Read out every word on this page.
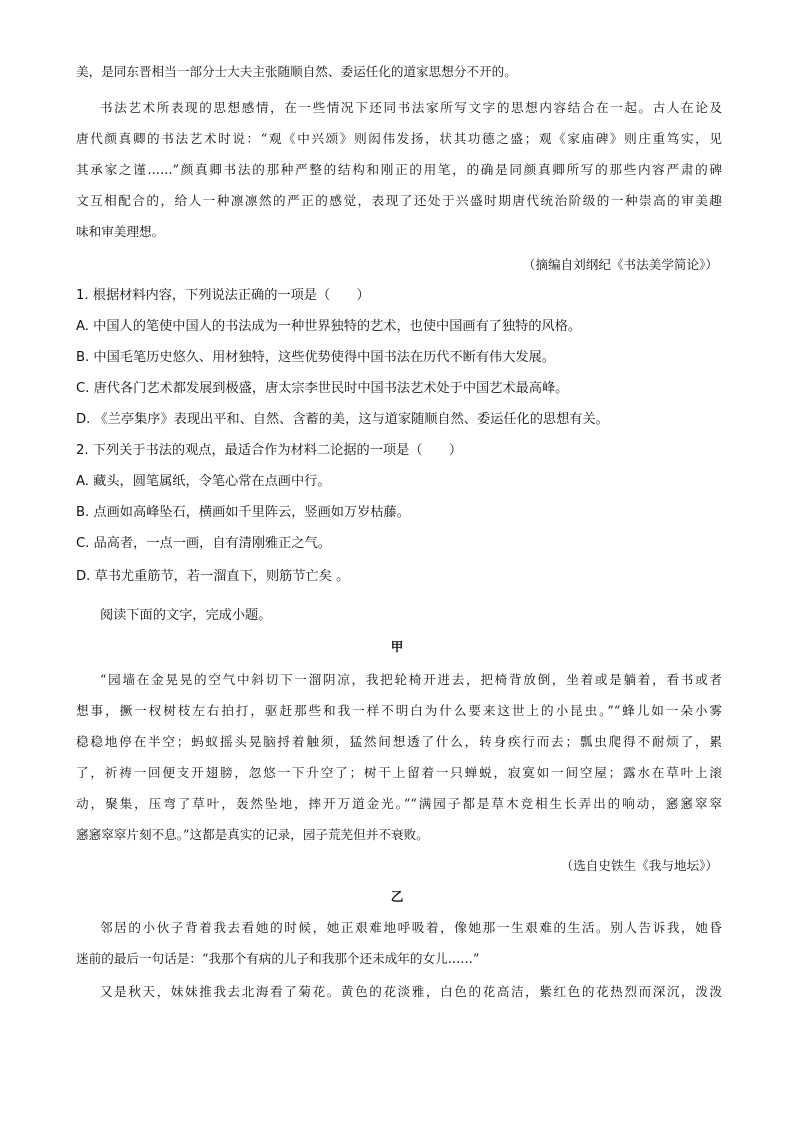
美，是同东晋相当一部分士大夫主张随顺自然、委运任化的道家思想分不开的。
书法艺术所表现的思想感情，在一些情况下还同书法家所写文字的思想内容结合在一起。古人在论及
唐代颜真卿的书法艺术时说：“观《中兴颂》则闳伟发扬，状其功德之盛；观《家庙碑》则庄重笃实，见
其承家之谨……”颜真卿书法的那种严整的结构和刚正的用笔，的确是同颜真卿所写的那些内容严肃的碑
文互相配合的，给人一种凛凛然的严正的感觉，表现了还处于兴盛时期唐代统治阶级的一种崇高的审美趣
味和审美理想。
（摘编自刘纲纪《书法美学简论》）
1. 根据材料内容，下列说法正确的一项是（　　）
A. 中国人的笔使中国人的书法成为一种世界独特的艺术，也使中国画有了独特的风格。
B. 中国毛笔历史悠久、用材独特，这些优势使得中国书法在历代不断有伟大发展。
C. 唐代各门艺术都发展到极盛，唐太宗李世民时中国书法艺术处于中国艺术最高峰。
D. 《兰亭集序》表现出平和、自然、含蓄的美，这与道家随顺自然、委运任化的思想有关。
2. 下列关于书法的观点，最适合作为材料二论据的一项是（　　）
A. 藏头，圆笔属纸，令笔心常在点画中行。
B. 点画如高峰坠石，横画如千里阵云，竖画如万岁枯藤。
C. 品高者，一点一画，自有清刚雅正之气。
D. 草书尤重筋节，若一溜直下，则筋节亡矣 。
阅读下面的文字，完成小题。
甲
“园墙在金晃晃的空气中斜切下一溜阴凉，我把轮椅开进去，把椅背放倒，坐着或是躺着，看书或者
想事，撅一杈树枝左右拍打，驱赶那些和我一样不明白为什么要来这世上的小昆虫。”“蜂儿如一朵小雾
稳稳地停在半空；蚂蚁摇头晃脑捋着触须，猛然间想透了什么，转身疾行而去；瓢虫爬得不耐烦了，累
了，祈祷一回便支开翅膀，忽悠一下升空了；树干上留着一只蝉蜕，寂寞如一间空屋；露水在草叶上滚
动，聚集，压弯了草叶，轰然坠地，摔开万道金光。”“满园子都是草木竞相生长弄出的响动，窸窸窣窣
窸窸窣窣片刻不息。”这都是真实的记录，园子荒芜但并不衰败。
（选自史铁生《我与地坛》）
乙
邻居的小伙子背着我去看她的时候，她正艰难地呼吸着，像她那一生艰难的生活。别人告诉我，她昏
迷前的最后一句话是：“我那个有病的儿子和我那个还未成年的女儿……”
又是秋天，妹妹推我去北海看了菊花。黄色的花淡雅，白色的花高洁，紫红色的花热烈而深沉，泼泼
